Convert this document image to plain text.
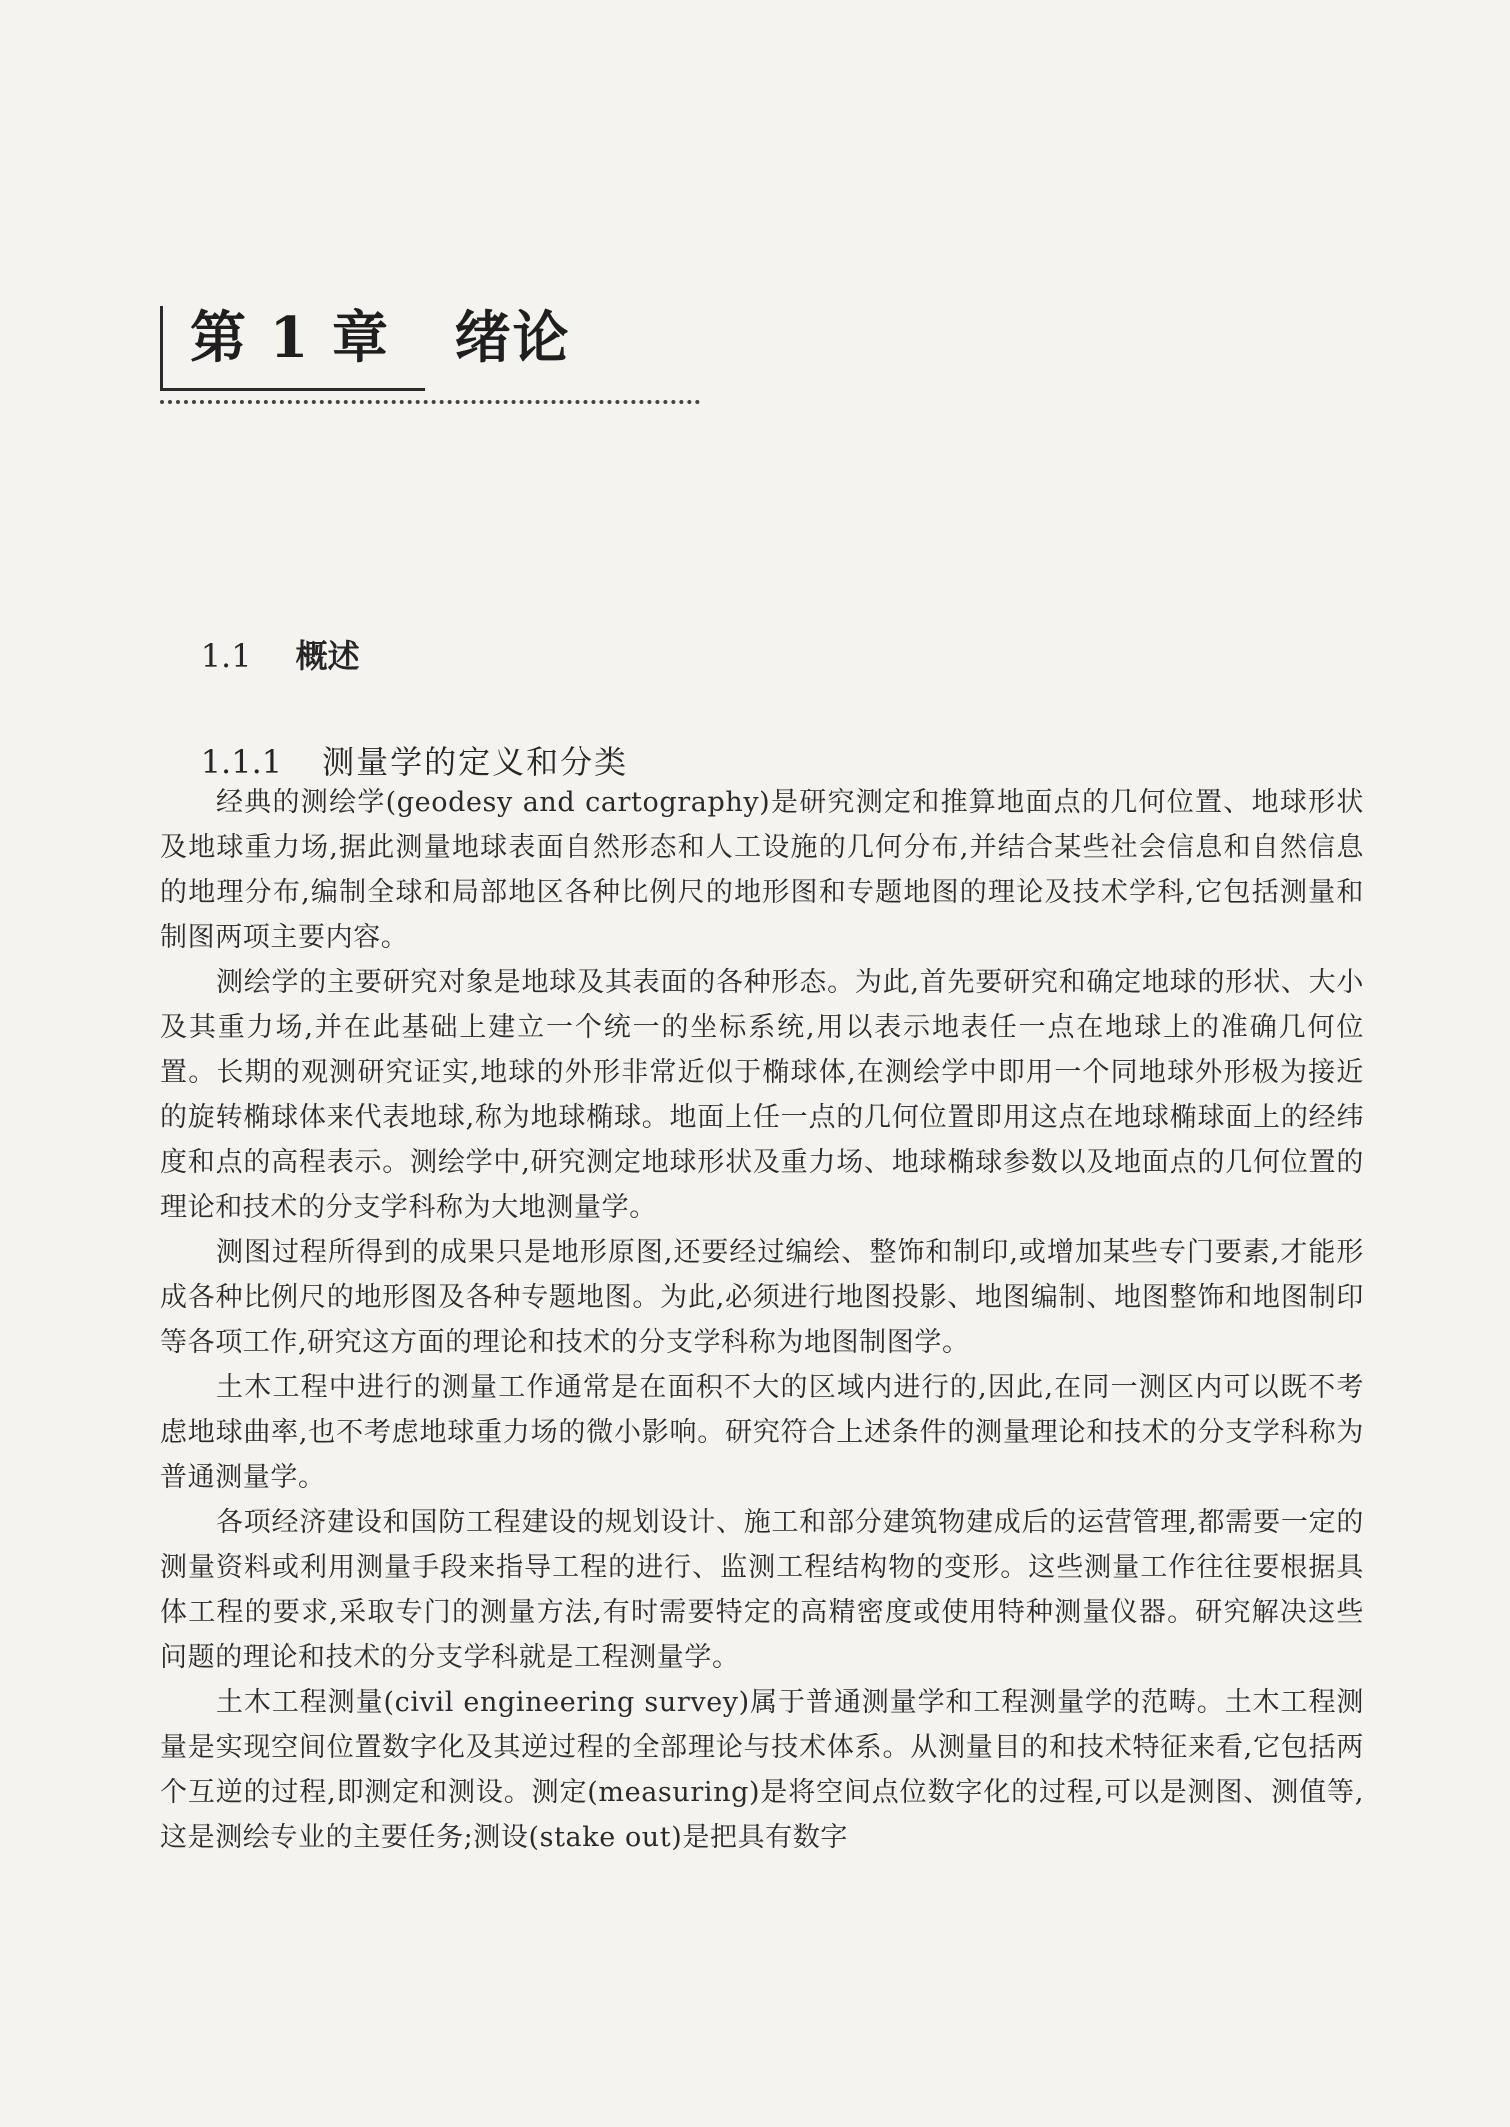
第 1 章   绪论

1.1 概述

1.1.1 测量学的定义和分类

经典的测绘学(geodesy and cartography)是研究测定和推算地面点的几何位置、地球形状及地球重力场,据此测量地球表面自然形态和人工设施的几何分布,并结合某些社会信息和自然信息的地理分布,编制全球和局部地区各种比例尺的地形图和专题地图的理论及技术学科,它包括测量和制图两项主要内容。

测绘学的主要研究对象是地球及其表面的各种形态。为此,首先要研究和确定地球的形状、大小及其重力场,并在此基础上建立一个统一的坐标系统,用以表示地表任一点在地球上的准确几何位置。长期的观测研究证实,地球的外形非常近似于椭球体,在测绘学中即用一个同地球外形极为接近的旋转椭球体来代表地球,称为地球椭球。地面上任一点的几何位置即用这点在地球椭球面上的经纬度和点的高程表示。测绘学中,研究测定地球形状及重力场、地球椭球参数以及地面点的几何位置的理论和技术的分支学科称为大地测量学。

测图过程所得到的成果只是地形原图,还要经过编绘、整饰和制印,或增加某些专门要素,才能形成各种比例尺的地形图及各种专题地图。为此,必须进行地图投影、地图编制、地图整饰和地图制印等各项工作,研究这方面的理论和技术的分支学科称为地图制图学。

土木工程中进行的测量工作通常是在面积不大的区域内进行的,因此,在同一测区内可以既不考虑地球曲率,也不考虑地球重力场的微小影响。研究符合上述条件的测量理论和技术的分支学科称为普通测量学。

各项经济建设和国防工程建设的规划设计、施工和部分建筑物建成后的运营管理,都需要一定的测量资料或利用测量手段来指导工程的进行、监测工程结构物的变形。这些测量工作往往要根据具体工程的要求,采取专门的测量方法,有时需要特定的高精密度或使用特种测量仪器。研究解决这些问题的理论和技术的分支学科就是工程测量学。

土木工程测量(civil engineering survey)属于普通测量学和工程测量学的范畴。土木工程测量是实现空间位置数字化及其逆过程的全部理论与技术体系。从测量目的和技术特征来看,它包括两个互逆的过程,即测定和测设。测定(measuring)是将空间点位数字化的过程,可以是测图、测值等,这是测绘专业的主要任务;测设(stake out)是把具有数字
